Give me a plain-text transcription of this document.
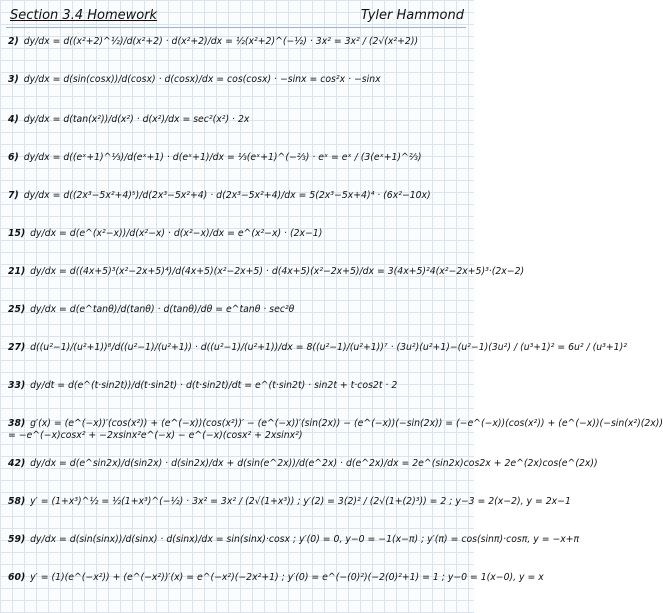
Section 3.4 Homework	Tyler Hammond
2) dy/dx = d((x²+2)^½)/d(x²+2) · d(x²+2)/dx = ½(x²+2)^(−½) · 3x² = 3x² / (2√(x²+2))
3) dy/dx = d(sin(cosx))/d(cosx) · d(cosx)/dx = cos(cosx) · −sinx = cos²x · −sinx
4) dy/dx = d(tan(x²))/d(x²) · d(x²)/dx = sec²(x²) · 2x
6) dy/dx = d((eˣ+1)^⅓)/d(eˣ+1) · d(eˣ+1)/dx = ⅓(eˣ+1)^(−⅔) · eˣ = eˣ / (3(eˣ+1)^⅔)
7) dy/dx = d((2x³−5x²+4)⁵)/d(2x³−5x²+4) · d(2x³−5x²+4)/dx = 5(2x³−5x+4)⁴ · (6x²−10x)
15) dy/dx = d(e^(x²−x))/d(x²−x) · d(x²−x)/dx = e^(x²−x) · (2x−1)
21) dy/dx = d((4x+5)³(x²−2x+5)⁴)/d(4x+5)(x²−2x+5) · d(4x+5)(x²−2x+5)/dx = 3(4x+5)²4(x²−2x+5)³·(2x−2)
25) dy/dx = d(e^tanθ)/d(tanθ) · d(tanθ)/dθ = e^tanθ · sec²θ
27) d((u²−1)/(u²+1))⁸/d((u²−1)/(u²+1)) · d((u²−1)/(u²+1))/dx = 8((u²−1)/(u²+1))⁷ · (3u²)(u²+1)−(u²−1)(3u²) / (u³+1)² = 6u² / (u³+1)²
33) dy/dt = d(e^(t·sin2t))/d(t·sin2t) · d(t·sin2t)/dt = e^(t·sin2t) · sin2t + t·cos2t · 2
38) g′(x) = (e^(−x))′(cos(x²)) + (e^(−x))(cos(x²))′ − (e^(−x))′(sin(2x)) − (e^(−x))(−sin(2x)) = (−e^(−x))(cos(x²)) + (e^(−x))(−sin(x²)(2x))
= −e^(−x)cosx² + −2xsinx²e^(−x) − e^(−x)(cosx² + 2xsinx²)
42) dy/dx = d(e^sin2x)/d(sin2x) · d(sin2x)/dx + d(sin(e^2x))/d(e^2x) · d(e^2x)/dx = 2e^(sin2x)cos2x + 2e^(2x)cos(e^(2x))
58) y′ = (1+x³)^½ = ½(1+x³)^(−½) · 3x² = 3x² / (2√(1+x³)) ; y′(2) = 3(2)² / (2√(1+(2)³)) = 2 ; y−3 = 2(x−2), y = 2x−1
59) dy/dx = d(sin(sinx))/d(sinx) · d(sinx)/dx = sin(sinx)·cosx ; y′(0) = 0, y−0 = −1(x−π) ; y′(π) = cos(sinπ)·cosπ, y = −x+π
60) y′ = (1)(e^(−x²)) + (e^(−x²))′(x) = e^(−x²)(−2x²+1) ; y′(0) = e^(−(0)²)(−2(0)²+1) = 1 ; y−0 = 1(x−0), y = x
